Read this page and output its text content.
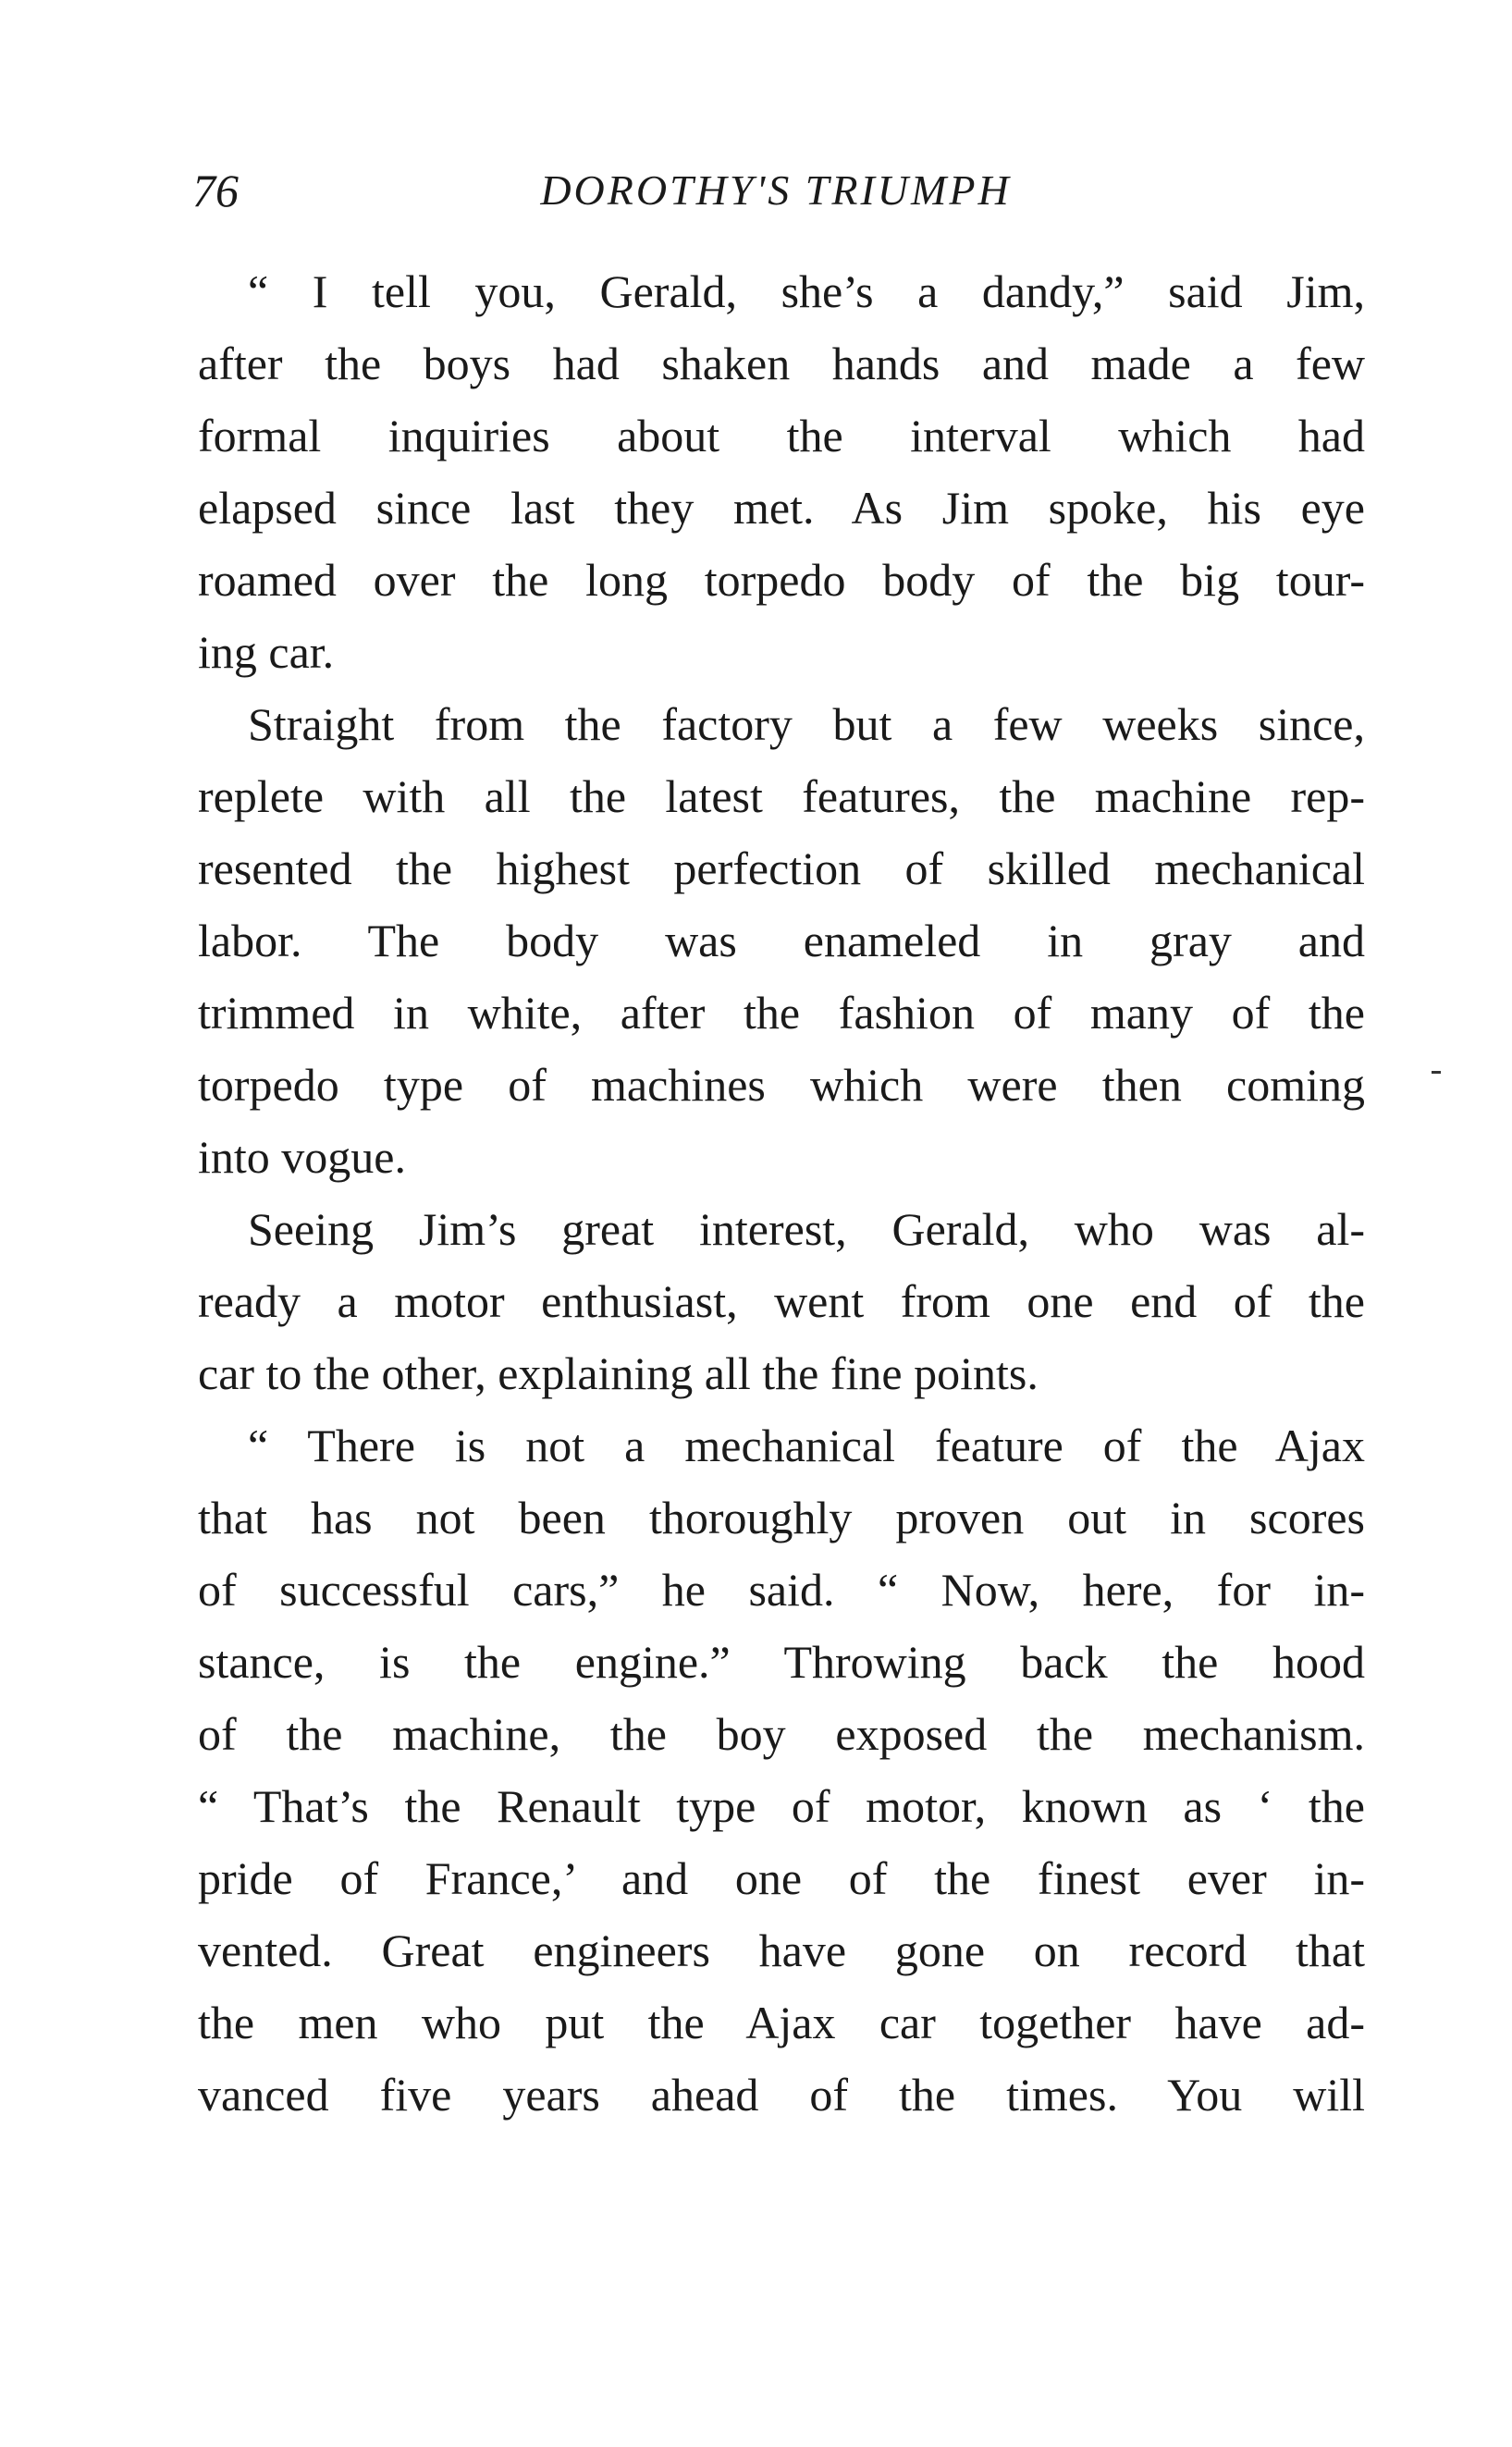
76	DOROTHY'S TRIUMPH
“ I tell you, Gerald, she’s a dandy,” said Jim,
after the boys had shaken hands and made a few
formal inquiries about the interval which had
elapsed since last they met. As Jim spoke, his eye
roamed over the long torpedo body of the big tour-
ing car.
Straight from the factory but a few weeks since,
replete with all the latest features, the machine rep-
resented the highest perfection of skilled mechanical
labor. The body was enameled in gray and
trimmed in white, after the fashion of many of the
torpedo type of machines which were then coming
into vogue.
Seeing Jim’s great interest, Gerald, who was al-
ready a motor enthusiast, went from one end of the
car to the other, explaining all the fine points.
“ There is not a mechanical feature of the Ajax
that has not been thoroughly proven out in scores
of successful cars,” he said. “ Now, here, for in-
stance, is the engine.” Throwing back the hood
of the machine, the boy exposed the mechanism.
“ That’s the Renault type of motor, known as ‘ the
pride of France,’ and one of the finest ever in-
vented. Great engineers have gone on record that
the men who put the Ajax car together have ad-
vanced five years ahead of the times. You will
